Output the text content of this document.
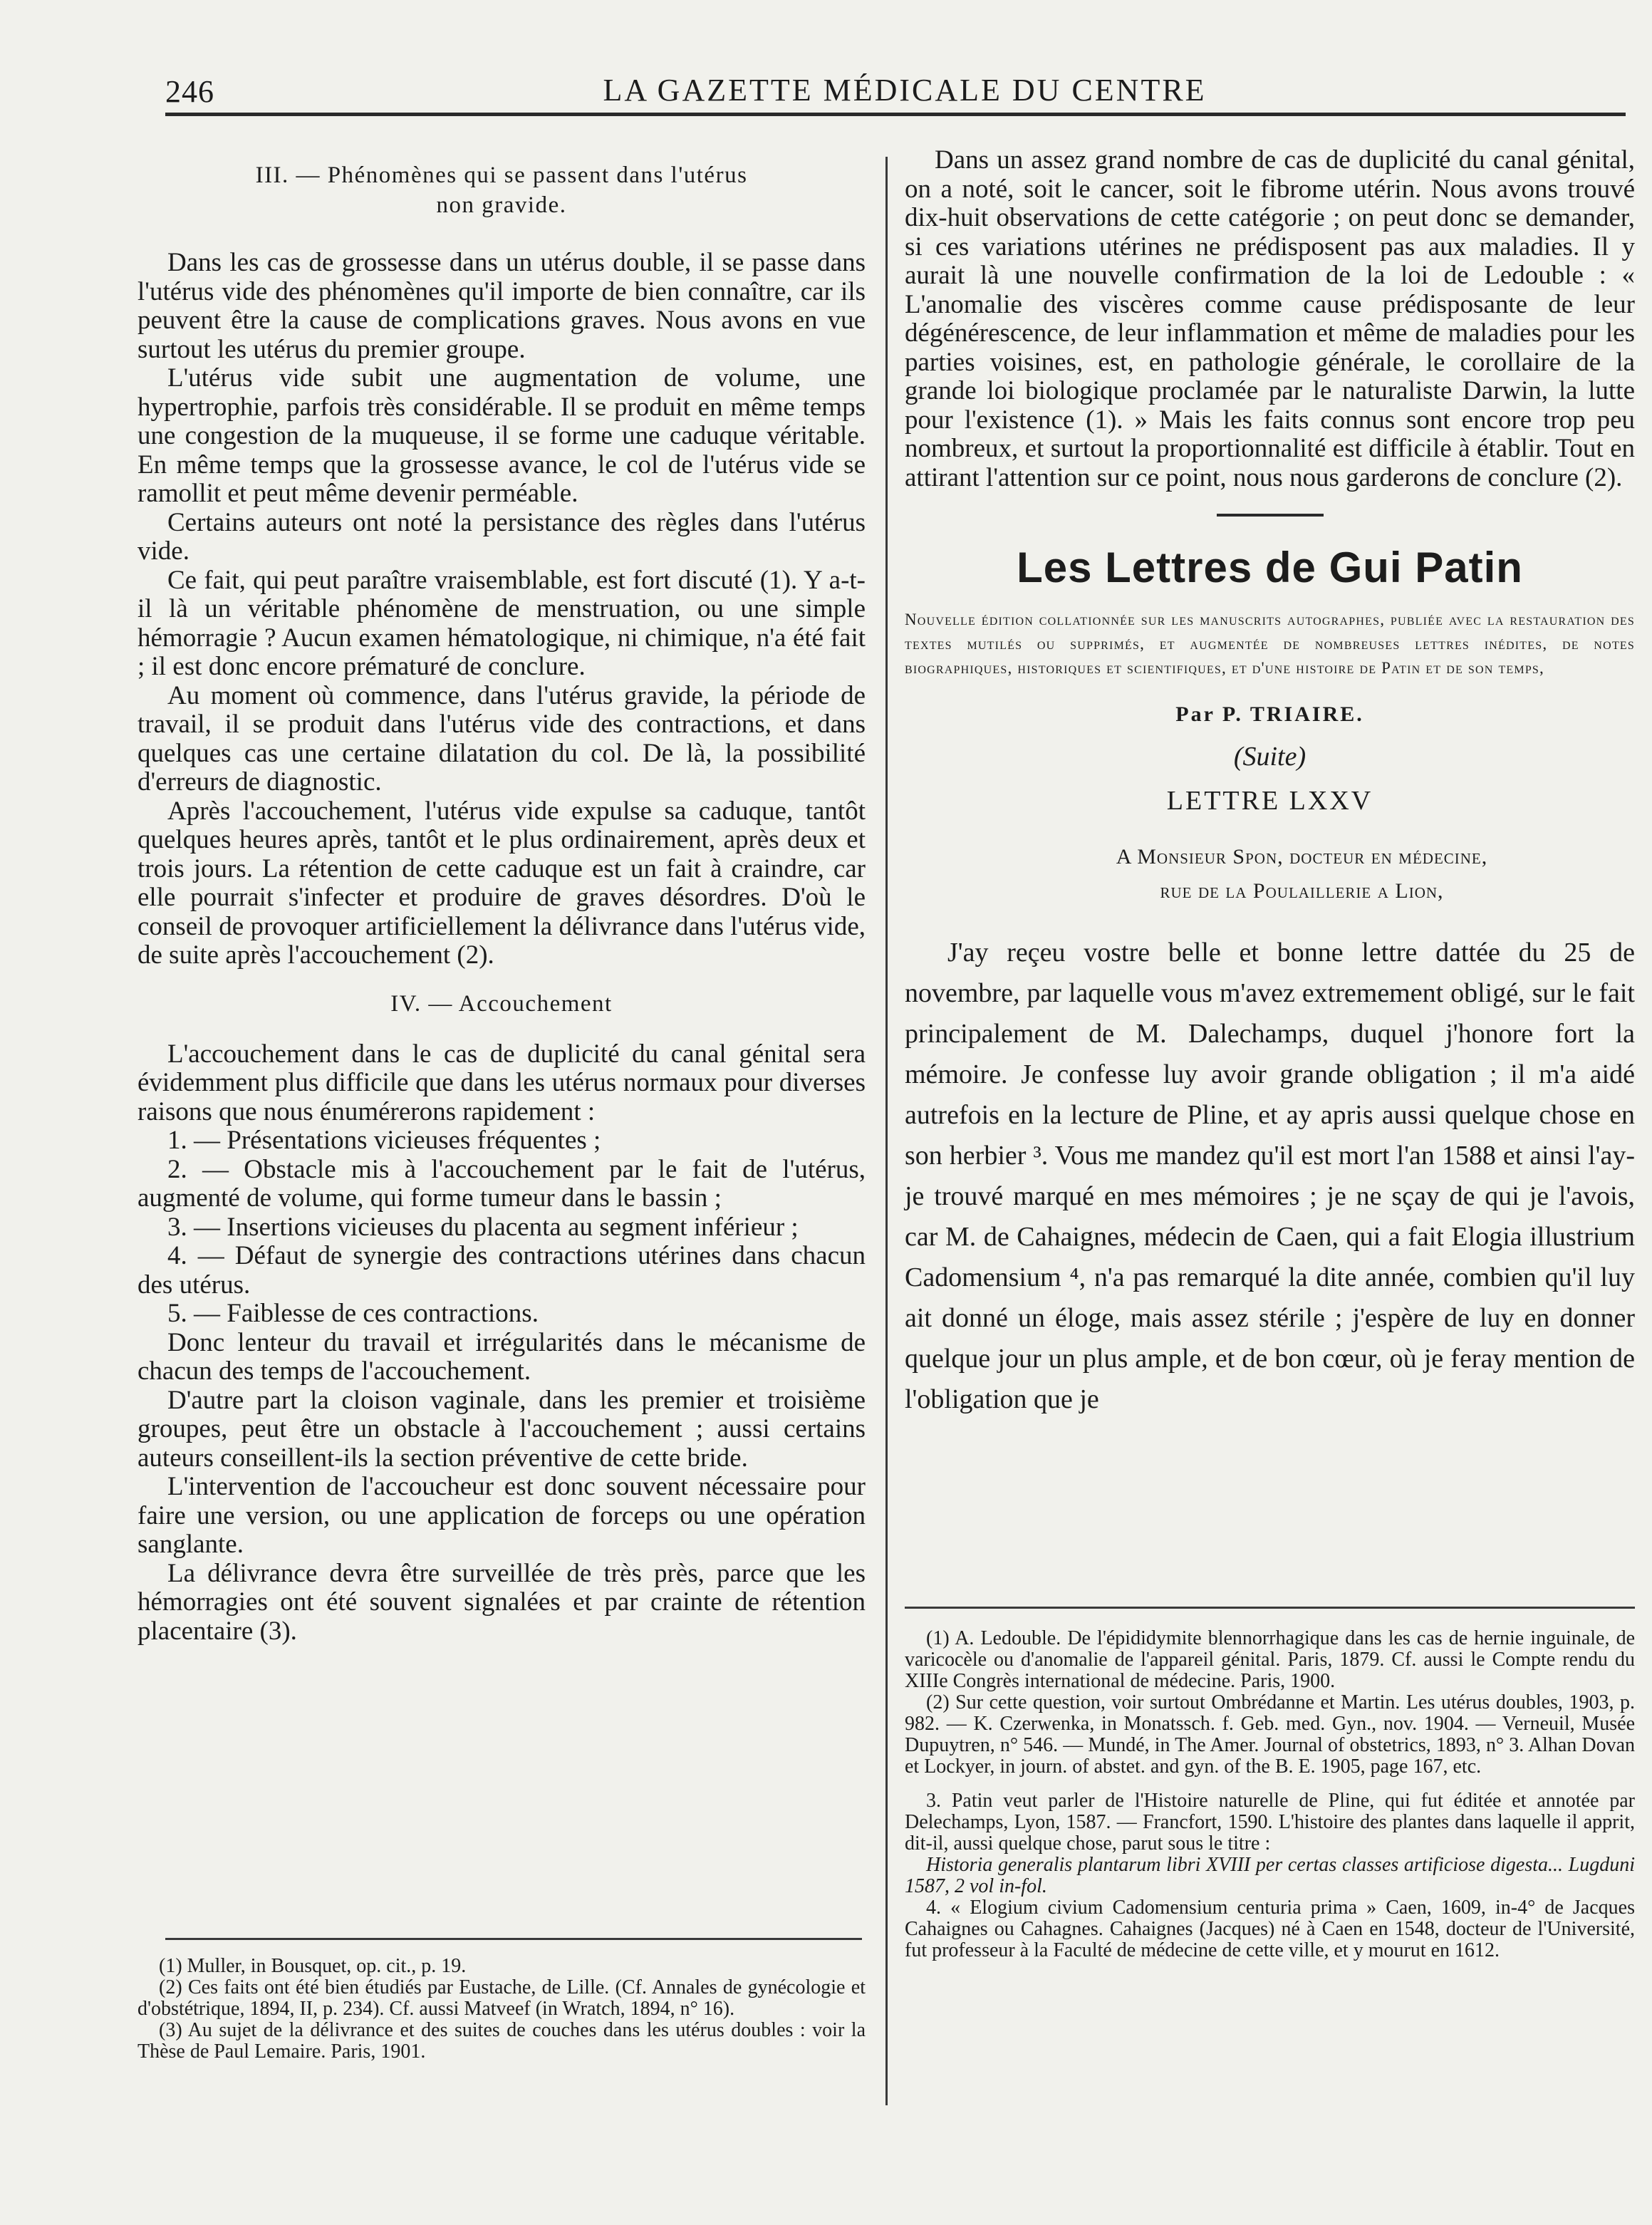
246	LA GAZETTE MÉDICALE DU CENTRE

III. — Phénomènes qui se passent dans l'utérus

non gravide.

Dans les cas de grossesse dans un utérus double, il se passe dans l'utérus vide des phénomènes qu'il importe de bien connaître, car ils peuvent être la cause de complications graves. Nous avons en vue surtout les utérus du premier groupe.

L'utérus vide subit une augmentation de volume, une hypertrophie, parfois très considérable. Il se produit en même temps une congestion de la muqueuse, il se forme une caduque véritable. En même temps que la grossesse avance, le col de l'utérus vide se ramollit et peut même devenir perméable.

Certains auteurs ont noté la persistance des règles dans l'utérus vide.

Ce fait, qui peut paraître vraisemblable, est fort discuté (1). Y a-t-il là un véritable phénomène de menstruation, ou une simple hémorragie ? Aucun examen hématologique, ni chimique, n'a été fait ; il est donc encore prématuré de conclure.

Au moment où commence, dans l'utérus gravide, la période de travail, il se produit dans l'utérus vide des contractions, et dans quelques cas une certaine dilatation du col. De là, la possibilité d'erreurs de diagnostic.

Après l'accouchement, l'utérus vide expulse sa caduque, tantôt quelques heures après, tantôt et le plus ordinairement, après deux et trois jours. La rétention de cette caduque est un fait à craindre, car elle pourrait s'infecter et produire de graves désordres. D'où le conseil de provoquer artificiellement la délivrance dans l'utérus vide, de suite après l'accouchement (2).

IV. — Accouchement

L'accouchement dans le cas de duplicité du canal génital sera évidemment plus difficile que dans les utérus normaux pour diverses raisons que nous énumérerons rapidement :

1. — Présentations vicieuses fréquentes ;

2. — Obstacle mis à l'accouchement par le fait de l'utérus, augmenté de volume, qui forme tumeur dans le bassin ;

3. — Insertions vicieuses du placenta au segment inférieur ;

4. — Défaut de synergie des contractions utérines dans chacun des utérus.

5. — Faiblesse de ces contractions.

Donc lenteur du travail et irrégularités dans le mécanisme de chacun des temps de l'accouchement.

D'autre part la cloison vaginale, dans les premier et troisième groupes, peut être un obstacle à l'accouchement ; aussi certains auteurs conseillent-ils la section préventive de cette bride.

L'intervention de l'accoucheur est donc souvent nécessaire pour faire une version, ou une application de forceps ou une opération sanglante.

La délivrance devra être surveillée de très près, parce que les hémorragies ont été souvent signalées et par crainte de rétention placentaire (3).

(1) Muller, in Bousquet, op. cit., p. 19.

(2) Ces faits ont été bien étudiés par Eustache, de Lille. (Cf. Annales de gynécologie et d'obstétrique, 1894, II, p. 234). Cf. aussi Matveef (in Wratch, 1894, n° 16).

(3) Au sujet de la délivrance et des suites de couches dans les utérus doubles : voir la Thèse de Paul Lemaire. Paris, 1901.

Dans un assez grand nombre de cas de duplicité du canal génital, on a noté, soit le cancer, soit le fibrome utérin. Nous avons trouvé dix-huit observations de cette catégorie ; on peut donc se demander, si ces variations utérines ne prédisposent pas aux maladies. Il y aurait là une nouvelle confirmation de la loi de Ledouble : « L'anomalie des viscères comme cause prédisposante de leur dégénérescence, de leur inflammation et même de maladies pour les parties voisines, est, en pathologie générale, le corollaire de la grande loi biologique proclamée par le naturaliste Darwin, la lutte pour l'existence (1). » Mais les faits connus sont encore trop peu nombreux, et surtout la proportionnalité est difficile à établir. Tout en attirant l'attention sur ce point, nous nous garderons de conclure (2).

Les Lettres de Gui Patin

Nouvelle édition collationnée sur les manuscrits autographes, publiée avec la restauration des textes mutilés ou supprimés, et augmentée de nombreuses lettres inédites, de notes biographiques, historiques et scientifiques, et d'une histoire de Patin et de son temps,

Par P. TRIAIRE.
(Suite)
LETTRE LXXV
A Monsieur Spon, docteur en médecine,
rue de la Poulaillerie a Lion,

J'ay reçeu vostre belle et bonne lettre dattée du 25 de novembre, par laquelle vous m'avez extremement obligé, sur le fait principalement de M. Dalechamps, duquel j'honore fort la mémoire. Je confesse luy avoir grande obligation ; il m'a aidé autrefois en la lecture de Pline, et ay apris aussi quelque chose en son herbier ³. Vous me mandez qu'il est mort l'an 1588 et ainsi l'ay-je trouvé marqué en mes mémoires ; je ne sçay de qui je l'avois, car M. de Cahaignes, médecin de Caen, qui a fait Elogia illustrium Cadomensium ⁴, n'a pas remarqué la dite année, combien qu'il luy ait donné un éloge, mais assez stérile ; j'espère de luy en donner quelque jour un plus ample, et de bon cœur, où je feray mention de l'obligation que je

(1) A. Ledouble. De l'épididymite blennorrhagique dans les cas de hernie inguinale, de varicocèle ou d'anomalie de l'appareil génital. Paris, 1879. Cf. aussi le Compte rendu du XIIIe Congrès international de médecine. Paris, 1900.

(2) Sur cette question, voir surtout Ombrédanne et Martin. Les utérus doubles, 1903, p. 982. — K. Czerwenka, in Monatssch. f. Geb. med. Gyn., nov. 1904. — Verneuil, Musée Dupuytren, n° 546. — Mundé, in The Amer. Journal of obstetrics, 1893, n° 3. Alhan Dovan et Lockyer, in journ. of abstet. and gyn. of the B. E. 1905, page 167, etc.

3. Patin veut parler de l'Histoire naturelle de Pline, qui fut éditée et annotée par Delechamps, Lyon, 1587. — Francfort, 1590. L'histoire des plantes dans laquelle il apprit, dit-il, aussi quelque chose, parut sous le titre :

Historia generalis plantarum libri XVIII per certas classes artificiose digesta... Lugduni 1587, 2 vol in-fol.

4. « Elogium civium Cadomensium centuria prima » Caen, 1609, in-4° de Jacques Cahaignes ou Cahagnes. Cahaignes (Jacques) né à Caen en 1548, docteur de l'Université, fut professeur à la Faculté de médecine de cette ville, et y mourut en 1612.
